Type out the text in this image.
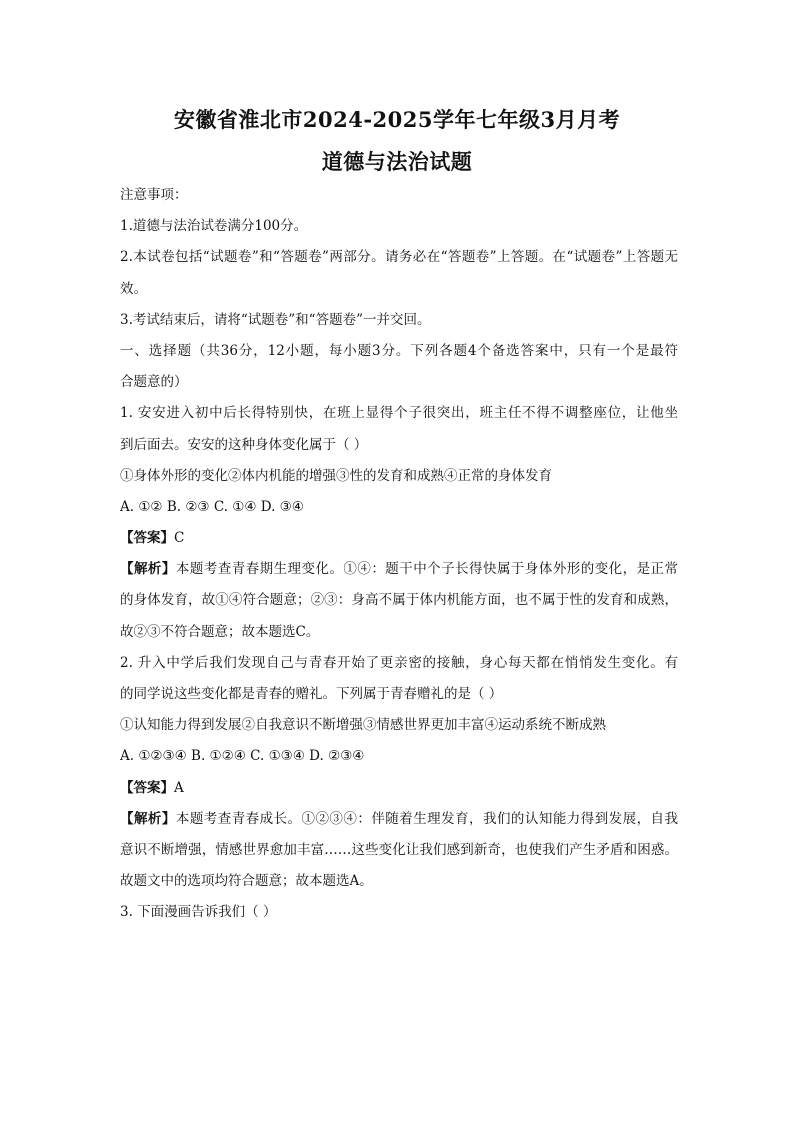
安徽省淮北市2024-2025学年七年级3月月考
道德与法治试题
注意事项：
1.道德与法治试卷满分100分。
2.本试卷包括“试题卷”和“答题卷”两部分。请务必在“答题卷”上答题。在“试题卷”上答题无
效。
3.考试结束后，请将“试题卷”和“答题卷”一并交回。
一、选择题（共36分，12小题，每小题3分。下列各题4个备选答案中，只有一个是最符
合题意的）
1. 安安进入初中后长得特别快，在班上显得个子很突出，班主任不得不调整座位，让他坐
到后面去。安安的这种身体变化属于（ ）
①身体外形的变化②体内机能的增强③性的发育和成熟④正常的身体发育
A. ①② B. ②③ C. ①④ D. ③④
【答案】C
【解析】本题考查青春期生理变化。①④：题干中个子长得快属于身体外形的变化，是正常
的身体发育，故①④符合题意；②③：身高不属于体内机能方面，也不属于性的发育和成熟，
故②③不符合题意；故本题选C。
2. 升入中学后我们发现自己与青春开始了更亲密的接触，身心每天都在悄悄发生变化。有
的同学说这些变化都是青春的赠礼。下列属于青春赠礼的是（ ）
①认知能力得到发展②自我意识不断增强③情感世界更加丰富④运动系统不断成熟
A. ①②③④ B. ①②④ C. ①③④ D. ②③④
【答案】A
【解析】本题考查青春成长。①②③④：伴随着生理发育，我们的认知能力得到发展，自我
意识不断增强，情感世界愈加丰富……这些变化让我们感到新奇，也使我们产生矛盾和困惑。
故题文中的选项均符合题意；故本题选A。
3. 下面漫画告诉我们（ ）
